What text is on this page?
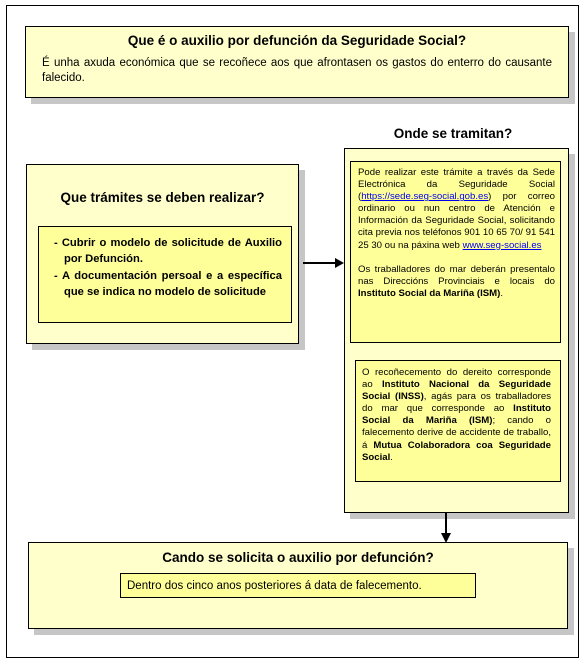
Que é o auxilio por defunción da Seguridade Social?
É unha axuda económica que se recoñece aos que afrontasen os gastos do enterro do causante falecido.
Que trámites se deben realizar?
- Cubrir o modelo de solicitude de Auxilio por Defunción.
- A documentación persoal e a específica que se indica no modelo de solicitude
Onde se tramitan?
Pode realizar este trámite a través da Sede Electrónica da Seguridade Social (https://sede.seg-social.gob.es) por correo ordinario ou nun centro de Atención e Información da Seguridade Social, solicitando cita previa nos teléfonos 901 10 65 70/ 91 541 25 30 ou na páxina web www.seg-social.es
Os traballadores do mar deberán presentalo nas Direccións Provinciais e locais do Instituto Social da Mariña (ISM).
O recoñecemento do dereito corresponde ao Instituto Nacional da Seguridade Social (INSS), agás para os traballadores do mar que corresponde ao Instituto Social da Mariña (ISM); cando o falecemento derive de accidente de traballo, á Mutua Colaboradora coa Seguridade Social.
Cando se solicita o auxilio por defunción?
Dentro dos cinco anos posteriores á data de falecemento.
